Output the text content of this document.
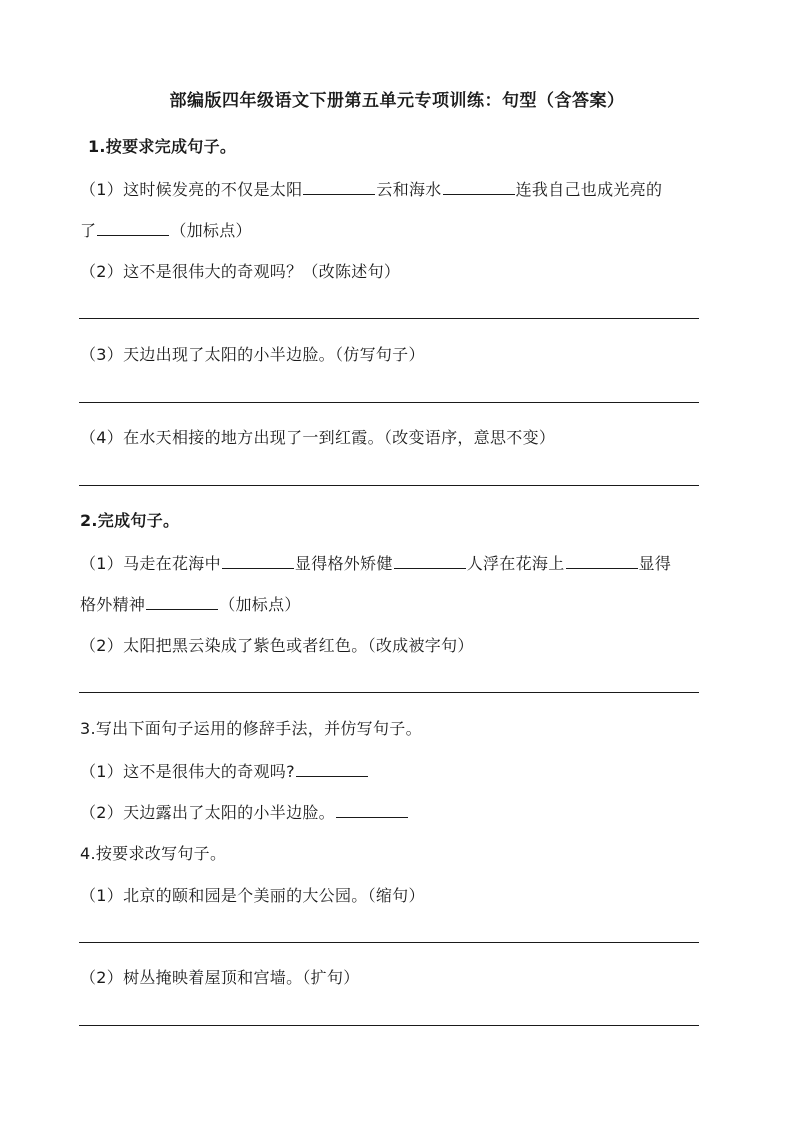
部编版四年级语文下册第五单元专项训练：句型（含答案）
1.按要求完成句子。
（1）这时候发亮的不仅是太阳	云和海水	连我自己也成光亮的
了	（加标点）
（2）这不是很伟大的奇观吗？（改陈述句）
（3）天边出现了太阳的小半边脸。（仿写句子）
（4）在水天相接的地方出现了一到红霞。（改变语序，意思不变）
2.完成句子。
（1）马走在花海中	显得格外矫健	人浮在花海上	显得
格外精神	（加标点）
（2）太阳把黑云染成了紫色或者红色。（改成被字句）
3.写出下面句子运用的修辞手法，并仿写句子。
（1）这不是很伟大的奇观吗?
（2）天边露出了太阳的小半边脸。
4.按要求改写句子。
（1）北京的颐和园是个美丽的大公园。（缩句）
（2）树丛掩映着屋顶和宫墙。（扩句）
